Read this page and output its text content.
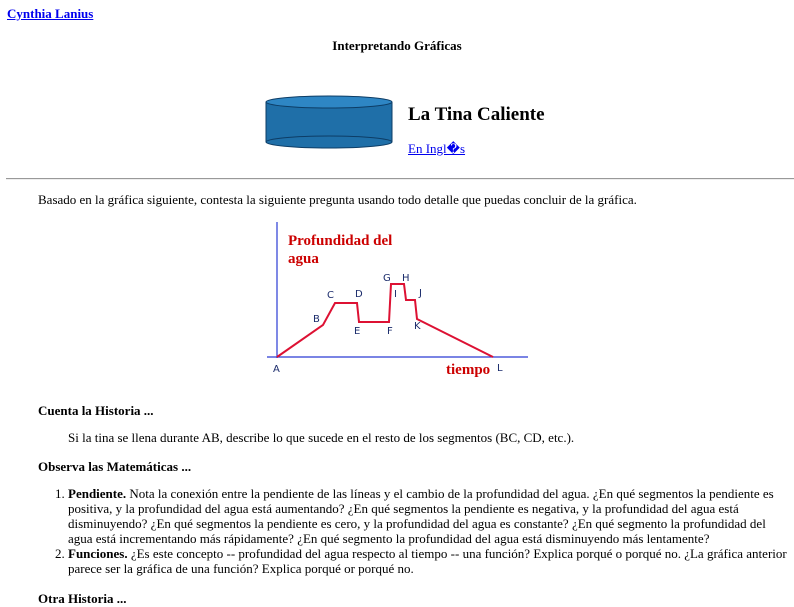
Cynthia Lanius
Interpretando Gráficas
La Tina Caliente
En Ingl�s
Basado en la gráfica siguiente, contesta la siguiente pregunta usando todo detalle que puedas concluir de la gráfica.
Profundidad del
agua
tiempo
A
B
C D
E	F
G H
I J
K
L
Cuenta la Historia ...
Si la tina se llena durante AB, describe lo que sucede en el resto de los segmentos (BC, CD, etc.).
Observa las Matemáticas ...
1. Pendiente. Nota la conexión entre la pendiente de las líneas y el cambio de la profundidad del agua. ¿En qué segmentos la pendiente es positiva, y la profundidad del agua está aumentando? ¿En qué segmentos la pendiente es negativa, y la profundidad del agua está disminuyendo? ¿En qué segmentos la pendiente es cero, y la profundidad del agua es constante? ¿En qué segmento la profundidad del agua está incrementando más rápidamente? ¿En qué segmento la profundidad del agua está disminuyendo más lentamente?
2. Funciones. ¿Es este concepto -- profundidad del agua respecto al tiempo -- una función? Explica porqué o porqué no. ¿La gráfica anterior parece ser la gráfica de una función? Explica porqué or porqué no.
Otra Historia ...
